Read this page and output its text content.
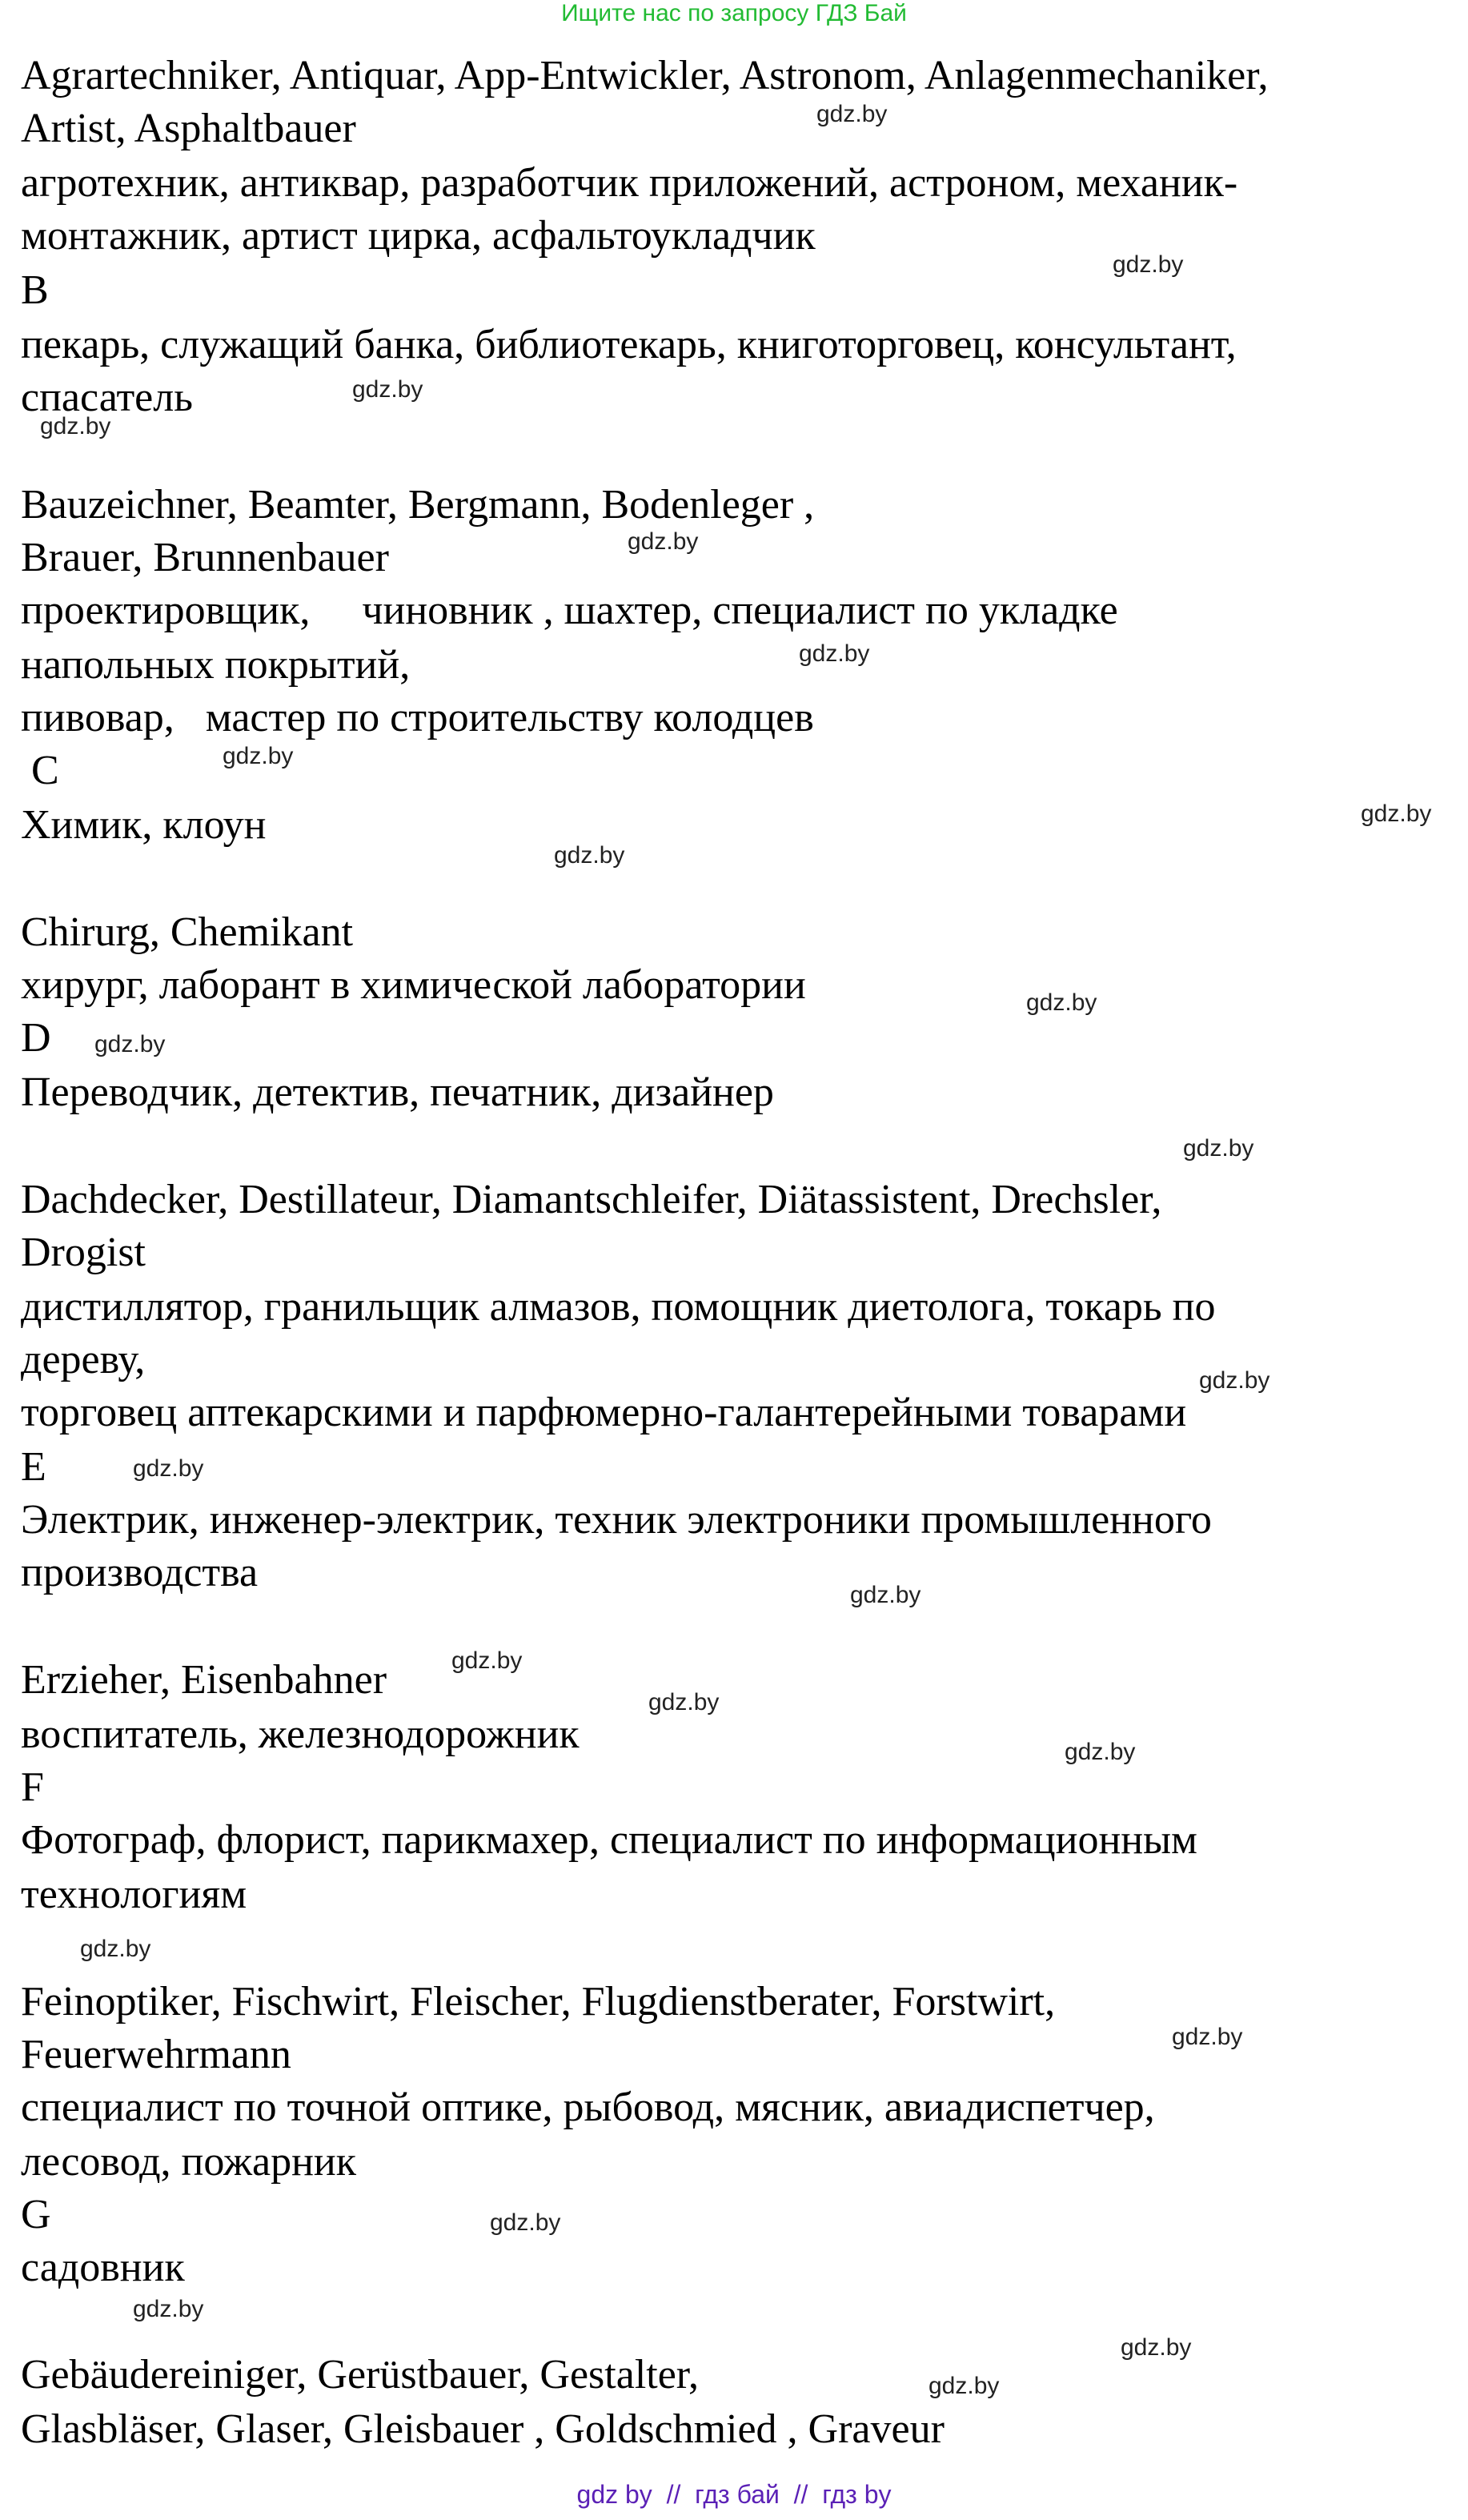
Ищите нас по запросу ГДЗ Бай
Agrartechniker, Antiquar, App-Entwickler, Astronom, Anlagenmechaniker,
Artist, Asphaltbauer
агротехник, антиквар, разработчик приложений, астроном, механик-
монтажник, артист цирка, асфальтоукладчик
B
пекарь, служащий банка, библиотекарь, книготорговец, консультант,
спасатель
Bauzeichner, Beamter, Bergmann, Bodenleger ,
Brauer, Brunnenbauer
проектировщик,     чиновник , шахтер, специалист по укладке
напольных покрытий,
пивовар,   мастер по строительству колодцев
C
Химик, клоун
Chirurg, Chemikant
хирург, лаборант в химической лаборатории
D
Переводчик, детектив, печатник, дизайнер
Dachdecker, Destillateur, Diamantschleifer, Diätassistent, Drechsler,
Drogist
дистиллятор, гранильщик алмазов, помощник диетолога, токарь по
дереву,
торговец аптекарскими и парфюмерно-галантерейными товарами
E
Электрик, инженер-электрик, техник электроники промышленного
производства
Erzieher, Eisenbahner
воспитатель, железнодорожник
F
Фотограф, флорист, парикмахер, специалист по информационным
технологиям
Feinoptiker, Fischwirt, Fleischer, Flugdienstberater, Forstwirt,
Feuerwehrmann
специалист по точной оптике, рыбовод, мясник, авиадиспетчер,
лесовод, пожарник
G
садовник
Gebäudereiniger, Gerüstbauer, Gestalter,
Glasbläser, Glaser, Gleisbauer , Goldschmied , Graveur
gdz.by
gdz.by
gdz.by
gdz.by
gdz.by
gdz.by
gdz.by
gdz.by
gdz.by
gdz.by
gdz.by
gdz.by
gdz.by
gdz.by
gdz.by
gdz.by
gdz.by
gdz.by
gdz.by
gdz.by
gdz.by
gdz.by
gdz.by
gdz.by
gdz by  //  гдз бай  //  гдз by
